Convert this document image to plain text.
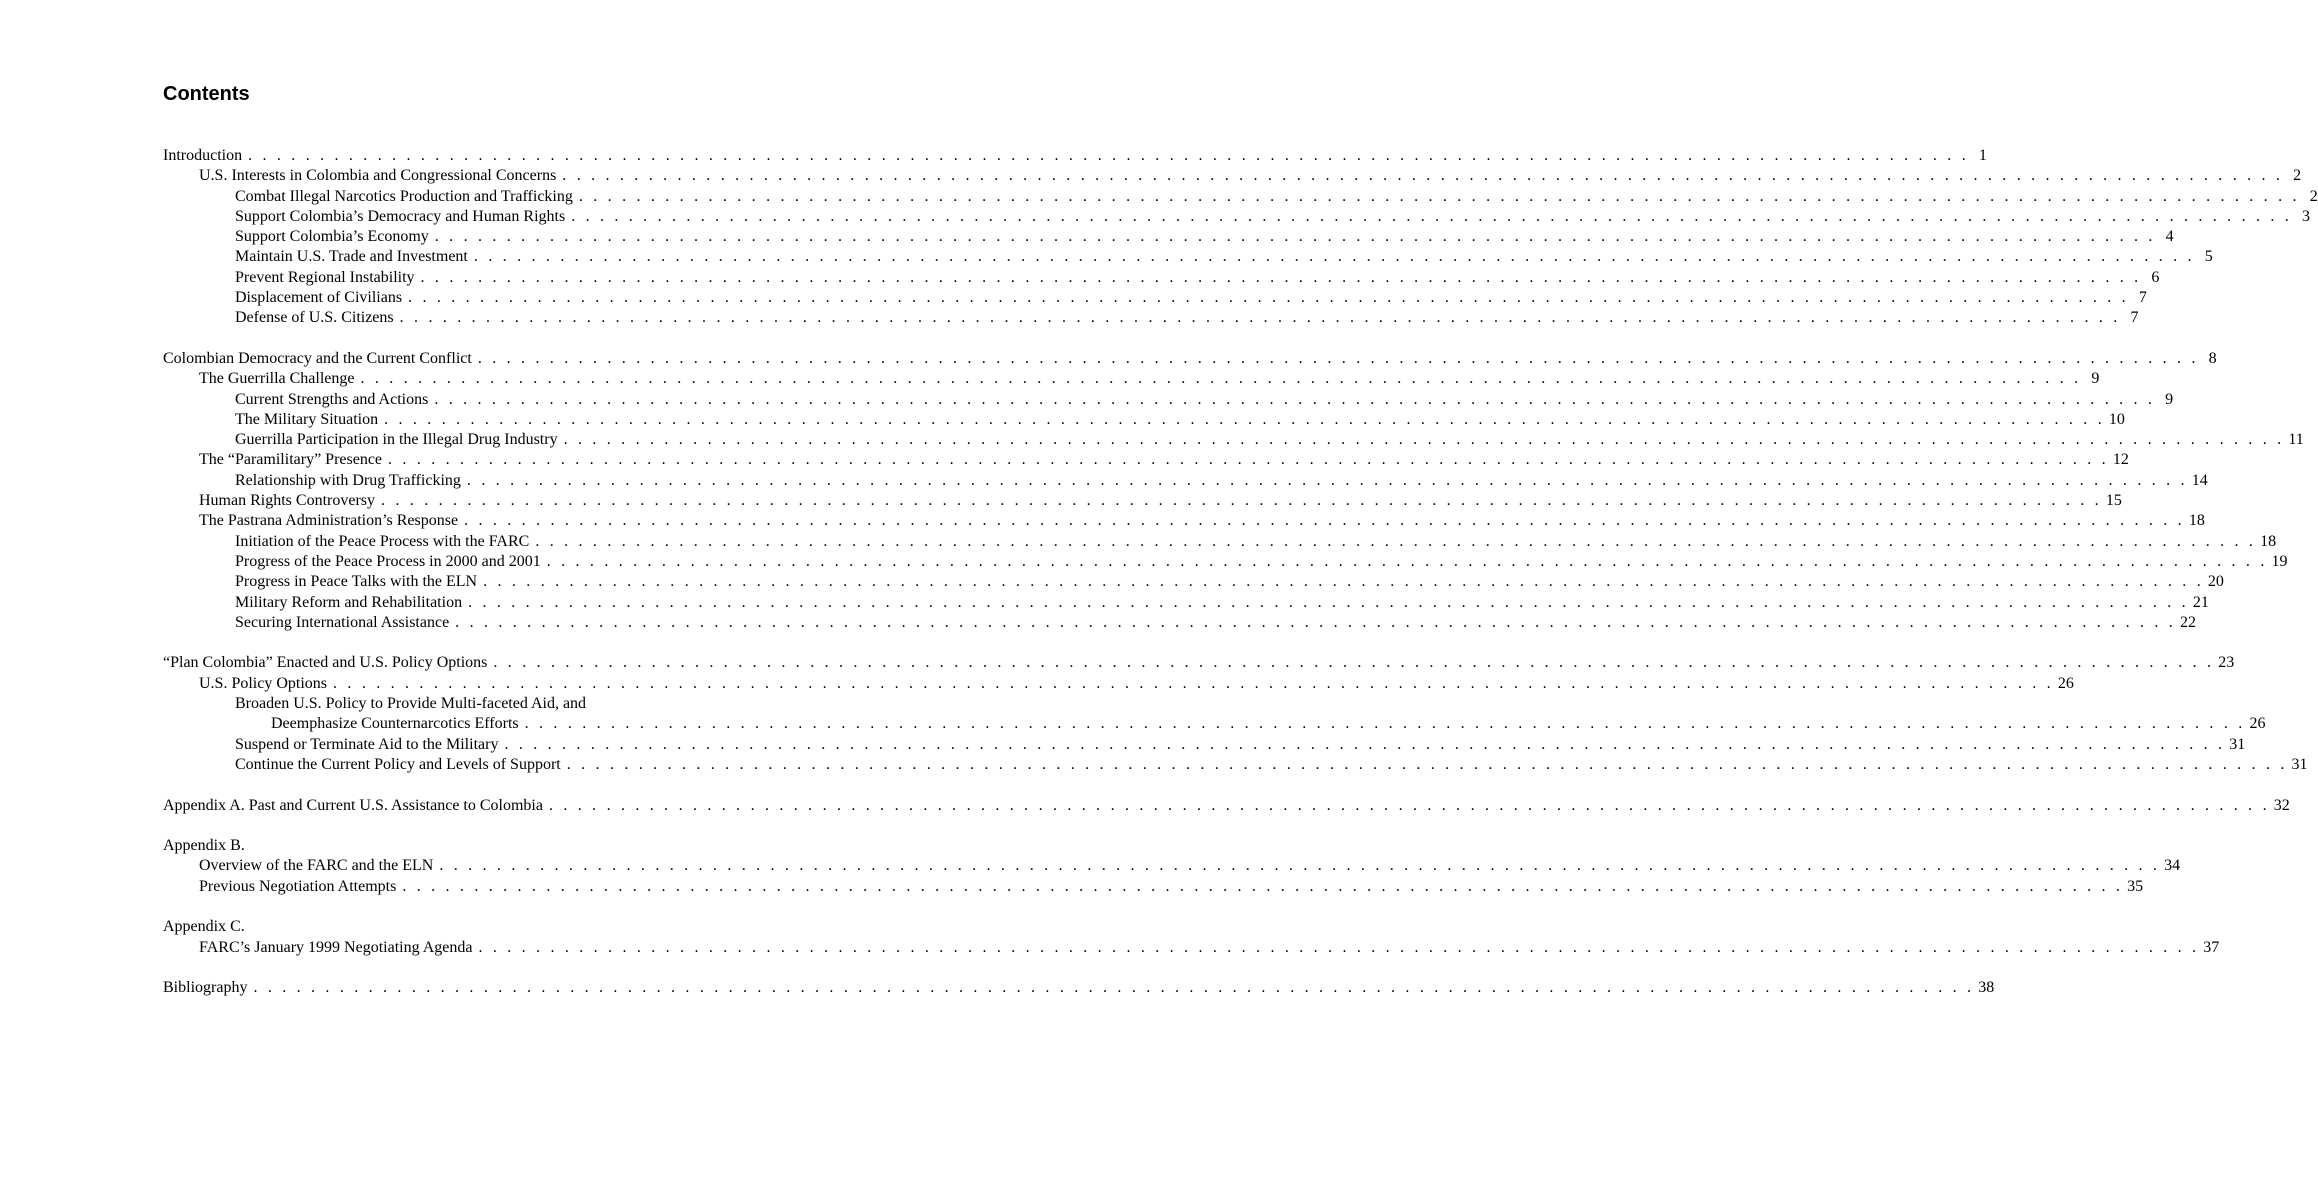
Contents
Introduction . . . . . . . . . . . . . . . . . . . . . . . . . . . . . . . . . . . . . . . . . . . . . . . . . . . . . . . . . . . . . . . . . . . . . . . . . . . . . . . . . . . . . . . . . . . . . . . . . . . . . . . . . . . . . . . . . . . . . . . . 1
U.S. Interests in Colombia and Congressional Concerns . . . . . . . . . . . . . . . . . . . . . . . . . . . . . . . . . . . . . . . . . . . . . . . . . . . . . . . . . . . . . . . . . . . . . . . . . . . . . . . . . . . . . . . . . . . . . . . . . . . . . . . . . . . . . . . . . . . . . . . . 2
Combat Illegal Narcotics Production and Trafficking . . . . . . . . . . . . . . . . . . . . . . . . . . . . . . . . . . . . . . . . . . . . . . . . . . . . . . . . . . . . . . . . . . . . . . . . . . . . . . . . . . . . . . . . . . . . . . . . . . . . . . . . . . . . . . . . . . . . . . . . 2
Support Colombia’s Democracy and Human Rights . . . . . . . . . . . . . . . . . . . . . . . . . . . . . . . . . . . . . . . . . . . . . . . . . . . . . . . . . . . . . . . . . . . . . . . . . . . . . . . . . . . . . . . . . . . . . . . . . . . . . . . . . . . . . . . . . . . . . . . . 3
Support Colombia’s Economy . . . . . . . . . . . . . . . . . . . . . . . . . . . . . . . . . . . . . . . . . . . . . . . . . . . . . . . . . . . . . . . . . . . . . . . . . . . . . . . . . . . . . . . . . . . . . . . . . . . . . . . . . . . . . . . . . . . . . . . . 4
Maintain U.S. Trade and Investment . . . . . . . . . . . . . . . . . . . . . . . . . . . . . . . . . . . . . . . . . . . . . . . . . . . . . . . . . . . . . . . . . . . . . . . . . . . . . . . . . . . . . . . . . . . . . . . . . . . . . . . . . . . . . . . . . . . . . . . . 5
Prevent Regional Instability . . . . . . . . . . . . . . . . . . . . . . . . . . . . . . . . . . . . . . . . . . . . . . . . . . . . . . . . . . . . . . . . . . . . . . . . . . . . . . . . . . . . . . . . . . . . . . . . . . . . . . . . . . . . . . . . . . . . . . . . 6
Displacement of Civilians . . . . . . . . . . . . . . . . . . . . . . . . . . . . . . . . . . . . . . . . . . . . . . . . . . . . . . . . . . . . . . . . . . . . . . . . . . . . . . . . . . . . . . . . . . . . . . . . . . . . . . . . . . . . . . . . . . . . . . . . 7
Defense of U.S. Citizens . . . . . . . . . . . . . . . . . . . . . . . . . . . . . . . . . . . . . . . . . . . . . . . . . . . . . . . . . . . . . . . . . . . . . . . . . . . . . . . . . . . . . . . . . . . . . . . . . . . . . . . . . . . . . . . . . . . . . . . . 7
Colombian Democracy and the Current Conflict . . . . . . . . . . . . . . . . . . . . . . . . . . . . . . . . . . . . . . . . . . . . . . . . . . . . . . . . . . . . . . . . . . . . . . . . . . . . . . . . . . . . . . . . . . . . . . . . . . . . . . . . . . . . . . . . . . . . . . . . 8
The Guerrilla Challenge . . . . . . . . . . . . . . . . . . . . . . . . . . . . . . . . . . . . . . . . . . . . . . . . . . . . . . . . . . . . . . . . . . . . . . . . . . . . . . . . . . . . . . . . . . . . . . . . . . . . . . . . . . . . . . . . . . . . . . . . 9
Current Strengths and Actions . . . . . . . . . . . . . . . . . . . . . . . . . . . . . . . . . . . . . . . . . . . . . . . . . . . . . . . . . . . . . . . . . . . . . . . . . . . . . . . . . . . . . . . . . . . . . . . . . . . . . . . . . . . . . . . . . . . . . . . . 9
The Military Situation . . . . . . . . . . . . . . . . . . . . . . . . . . . . . . . . . . . . . . . . . . . . . . . . . . . . . . . . . . . . . . . . . . . . . . . . . . . . . . . . . . . . . . . . . . . . . . . . . . . . . . . . . . . . . . . . . . . . . . . . 10
Guerrilla Participation in the Illegal Drug Industry . . . . . . . . . . . . . . . . . . . . . . . . . . . . . . . . . . . . . . . . . . . . . . . . . . . . . . . . . . . . . . . . . . . . . . . . . . . . . . . . . . . . . . . . . . . . . . . . . . . . . . . . . . . . . . . . . . . . . . . . 11
The “Paramilitary” Presence . . . . . . . . . . . . . . . . . . . . . . . . . . . . . . . . . . . . . . . . . . . . . . . . . . . . . . . . . . . . . . . . . . . . . . . . . . . . . . . . . . . . . . . . . . . . . . . . . . . . . . . . . . . . . . . . . . . . . . . . 12
Relationship with Drug Trafficking . . . . . . . . . . . . . . . . . . . . . . . . . . . . . . . . . . . . . . . . . . . . . . . . . . . . . . . . . . . . . . . . . . . . . . . . . . . . . . . . . . . . . . . . . . . . . . . . . . . . . . . . . . . . . . . . . . . . . . . . 14
Human Rights Controversy . . . . . . . . . . . . . . . . . . . . . . . . . . . . . . . . . . . . . . . . . . . . . . . . . . . . . . . . . . . . . . . . . . . . . . . . . . . . . . . . . . . . . . . . . . . . . . . . . . . . . . . . . . . . . . . . . . . . . . . . 15
The Pastrana Administration’s Response . . . . . . . . . . . . . . . . . . . . . . . . . . . . . . . . . . . . . . . . . . . . . . . . . . . . . . . . . . . . . . . . . . . . . . . . . . . . . . . . . . . . . . . . . . . . . . . . . . . . . . . . . . . . . . . . . . . . . . . . 18
Initiation of the Peace Process with the FARC . . . . . . . . . . . . . . . . . . . . . . . . . . . . . . . . . . . . . . . . . . . . . . . . . . . . . . . . . . . . . . . . . . . . . . . . . . . . . . . . . . . . . . . . . . . . . . . . . . . . . . . . . . . . . . . . . . . . . . . . 18
Progress of the Peace Process in 2000 and 2001 . . . . . . . . . . . . . . . . . . . . . . . . . . . . . . . . . . . . . . . . . . . . . . . . . . . . . . . . . . . . . . . . . . . . . . . . . . . . . . . . . . . . . . . . . . . . . . . . . . . . . . . . . . . . . . . . . . . . . . . . 19
Progress in Peace Talks with the ELN . . . . . . . . . . . . . . . . . . . . . . . . . . . . . . . . . . . . . . . . . . . . . . . . . . . . . . . . . . . . . . . . . . . . . . . . . . . . . . . . . . . . . . . . . . . . . . . . . . . . . . . . . . . . . . . . . . . . . . . . 20
Military Reform and Rehabilitation . . . . . . . . . . . . . . . . . . . . . . . . . . . . . . . . . . . . . . . . . . . . . . . . . . . . . . . . . . . . . . . . . . . . . . . . . . . . . . . . . . . . . . . . . . . . . . . . . . . . . . . . . . . . . . . . . . . . . . . . 21
Securing International Assistance . . . . . . . . . . . . . . . . . . . . . . . . . . . . . . . . . . . . . . . . . . . . . . . . . . . . . . . . . . . . . . . . . . . . . . . . . . . . . . . . . . . . . . . . . . . . . . . . . . . . . . . . . . . . . . . . . . . . . . . . 22
“Plan Colombia” Enacted and U.S. Policy Options . . . . . . . . . . . . . . . . . . . . . . . . . . . . . . . . . . . . . . . . . . . . . . . . . . . . . . . . . . . . . . . . . . . . . . . . . . . . . . . . . . . . . . . . . . . . . . . . . . . . . . . . . . . . . . . . . . . . . . . . 23
U.S. Policy Options . . . . . . . . . . . . . . . . . . . . . . . . . . . . . . . . . . . . . . . . . . . . . . . . . . . . . . . . . . . . . . . . . . . . . . . . . . . . . . . . . . . . . . . . . . . . . . . . . . . . . . . . . . . . . . . . . . . . . . . . 26
Broaden U.S. Policy to Provide Multi-faceted Aid, and
Deemphasize Counternarcotics Efforts . . . . . . . . . . . . . . . . . . . . . . . . . . . . . . . . . . . . . . . . . . . . . . . . . . . . . . . . . . . . . . . . . . . . . . . . . . . . . . . . . . . . . . . . . . . . . . . . . . . . . . . . . . . . . . . . . . . . . . . . 26
Suspend or Terminate Aid to the Military . . . . . . . . . . . . . . . . . . . . . . . . . . . . . . . . . . . . . . . . . . . . . . . . . . . . . . . . . . . . . . . . . . . . . . . . . . . . . . . . . . . . . . . . . . . . . . . . . . . . . . . . . . . . . . . . . . . . . . . . 31
Continue the Current Policy and Levels of Support . . . . . . . . . . . . . . . . . . . . . . . . . . . . . . . . . . . . . . . . . . . . . . . . . . . . . . . . . . . . . . . . . . . . . . . . . . . . . . . . . . . . . . . . . . . . . . . . . . . . . . . . . . . . . . . . . . . . . . . . 31
Appendix A. Past and Current U.S. Assistance to Colombia . . . . . . . . . . . . . . . . . . . . . . . . . . . . . . . . . . . . . . . . . . . . . . . . . . . . . . . . . . . . . . . . . . . . . . . . . . . . . . . . . . . . . . . . . . . . . . . . . . . . . . . . . . . . . . . . . . . . . . . . 32
Appendix B.
Overview of the FARC and the ELN . . . . . . . . . . . . . . . . . . . . . . . . . . . . . . . . . . . . . . . . . . . . . . . . . . . . . . . . . . . . . . . . . . . . . . . . . . . . . . . . . . . . . . . . . . . . . . . . . . . . . . . . . . . . . . . . . . . . . . . . 34
Previous Negotiation Attempts . . . . . . . . . . . . . . . . . . . . . . . . . . . . . . . . . . . . . . . . . . . . . . . . . . . . . . . . . . . . . . . . . . . . . . . . . . . . . . . . . . . . . . . . . . . . . . . . . . . . . . . . . . . . . . . . . . . . . . . . 35
Appendix C.
FARC’s January 1999 Negotiating Agenda . . . . . . . . . . . . . . . . . . . . . . . . . . . . . . . . . . . . . . . . . . . . . . . . . . . . . . . . . . . . . . . . . . . . . . . . . . . . . . . . . . . . . . . . . . . . . . . . . . . . . . . . . . . . . . . . . . . . . . . . 37
Bibliography . . . . . . . . . . . . . . . . . . . . . . . . . . . . . . . . . . . . . . . . . . . . . . . . . . . . . . . . . . . . . . . . . . . . . . . . . . . . . . . . . . . . . . . . . . . . . . . . . . . . . . . . . . . . . . . . . . . . . . . . 38
